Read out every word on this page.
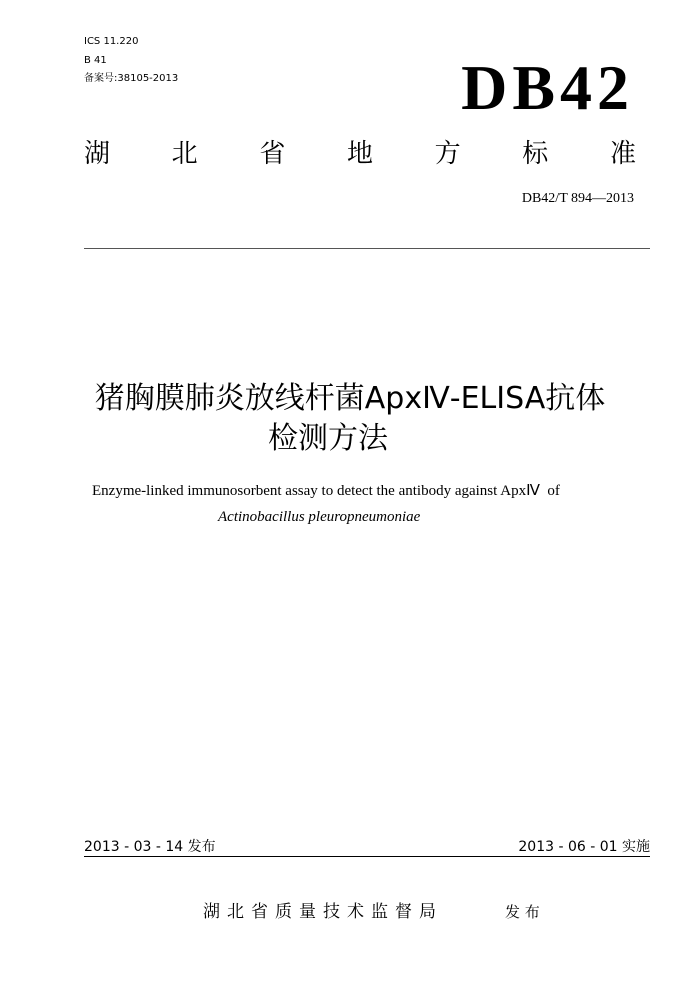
ICS 11.220
B 41
备案号:38105-2013	DB42
湖 北 省 地 方 标 准
DB42/T 894—2013
猪胸膜肺炎放线杆菌ApxⅣ-ELISA抗体
检测方法
Enzyme-linked immunosorbent assay to detect the antibody against ApxⅣ  of
Actinobacillus pleuropneumoniae
2013 - 03 - 14 发布	2013 - 06 - 01 实施
湖北省质量技术监督局	发 布
